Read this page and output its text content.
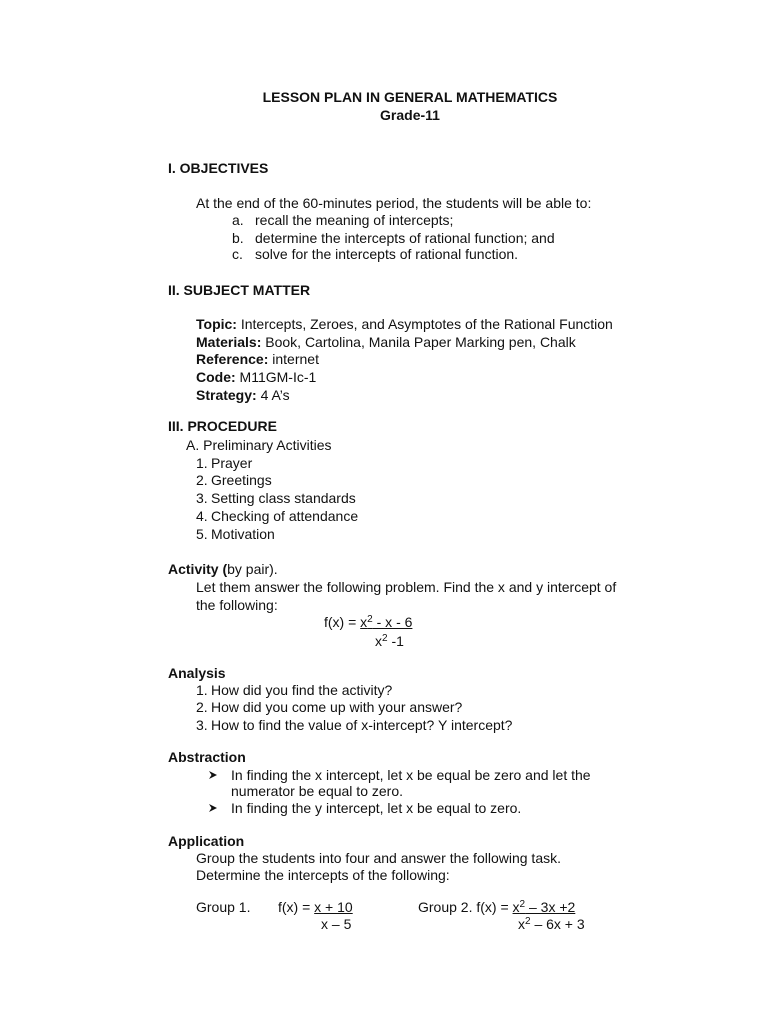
LESSON PLAN IN GENERAL MATHEMATICS
Grade-11
I. OBJECTIVES
At the end of the 60-minutes period, the students will be able to:
a. recall the meaning of intercepts;
b. determine the intercepts of rational function; and
c. solve for the intercepts of rational function.
II. SUBJECT MATTER
Topic: Intercepts, Zeroes, and Asymptotes of the Rational Function
Materials: Book, Cartolina, Manila Paper Marking pen, Chalk
Reference: internet
Code: M11GM-Ic-1
Strategy: 4 A’s
III. PROCEDURE
A. Preliminary Activities
1. Prayer
2. Greetings
3. Setting class standards
4. Checking of attendance
5. Motivation
Activity (by pair).
Let them answer the following problem. Find the x and y intercept of
the following:
$f(x) = x^2 - x - 6$
$x^2$ -1
Analysis
1. How did you find the activity?
2. How did you come up with your answer?
3. How to find the value of x-intercept? Y intercept?
Abstraction
In finding the x intercept, let x be equal be zero and let the
numerator be equal to zero.
In finding the y intercept, let x be equal to zero.
Application
Group the students into four and answer the following task.
Determine the intercepts of the following:
Group 1. f(x) = x + 10
x – 5
Group 2. $f(x) = x^2 - 3x +2$
$x^2 - 6x + 3$
